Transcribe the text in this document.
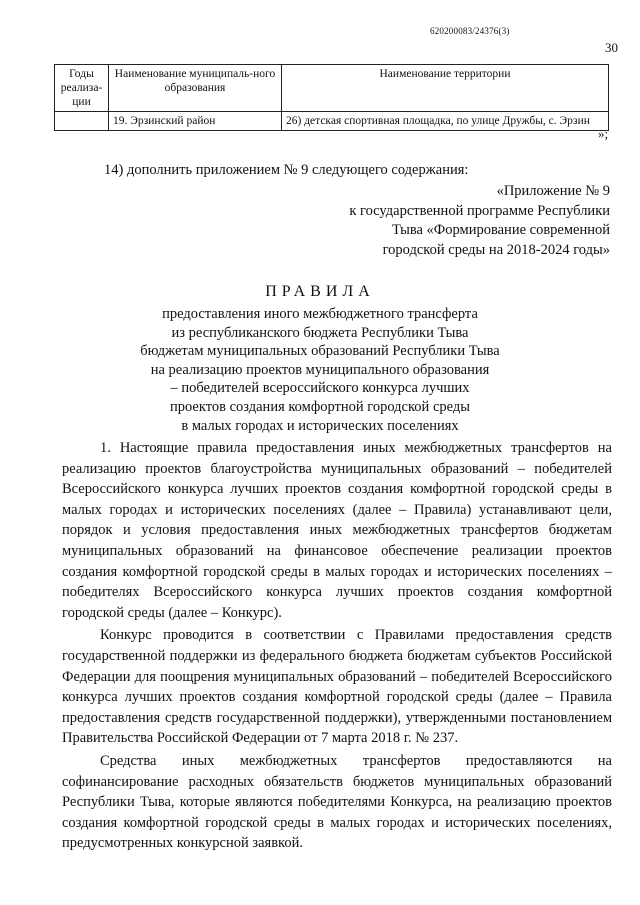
620200083/24376(3)
30
Годы реализа-ции	Наименование муниципаль-ного образования	Наименование территории
	19. Эрзинский район	26) детская спортивная площадка, по улице Дружбы, с. Эрзин
»;
14) дополнить приложением № 9 следующего содержания:
«Приложение № 9
к государственной программе Республики
Тыва «Формирование современной
городской среды на 2018-2024 годы»
ПРАВИЛА
предоставления иного межбюджетного трансферта
из республиканского бюджета Республики Тыва
бюджетам муниципальных образований Республики Тыва
на реализацию проектов муниципального образования
– победителей всероссийского конкурса лучших
проектов создания комфортной городской среды
в малых городах и исторических поселениях

1. Настоящие правила предоставления иных межбюджетных трансфертов на реализацию проектов благоустройства муниципальных образований – победителей Всероссийского конкурса лучших проектов создания комфортной городской среды в малых городах и исторических поселениях (далее – Правила) устанавливают цели, порядок и условия предоставления иных межбюджетных трансфертов бюджетам муниципальных образований на финансовое обеспечение реализации проектов создания комфортной городской среды в малых городах и исторических поселениях – победителях Всероссийского конкурса лучших проектов создания комфортной городской среды (далее – Конкурс).

Конкурс проводится в соответствии с Правилами предоставления средств государственной поддержки из федерального бюджета бюджетам субъектов Российской Федерации для поощрения муниципальных образований – победителей Всероссийского конкурса лучших проектов создания комфортной городской среды (далее – Правила предоставления средств государственной поддержки), утвержденными постановлением Правительства Российской Федерации от 7 марта 2018 г. № 237.

Средства иных межбюджетных трансфертов предоставляются на софинансирование расходных обязательств бюджетов муниципальных образований Республики Тыва, которые являются победителями Конкурса, на реализацию проектов создания комфортной городской среды в малых городах и исторических поселениях, предусмотренных конкурсной заявкой.
